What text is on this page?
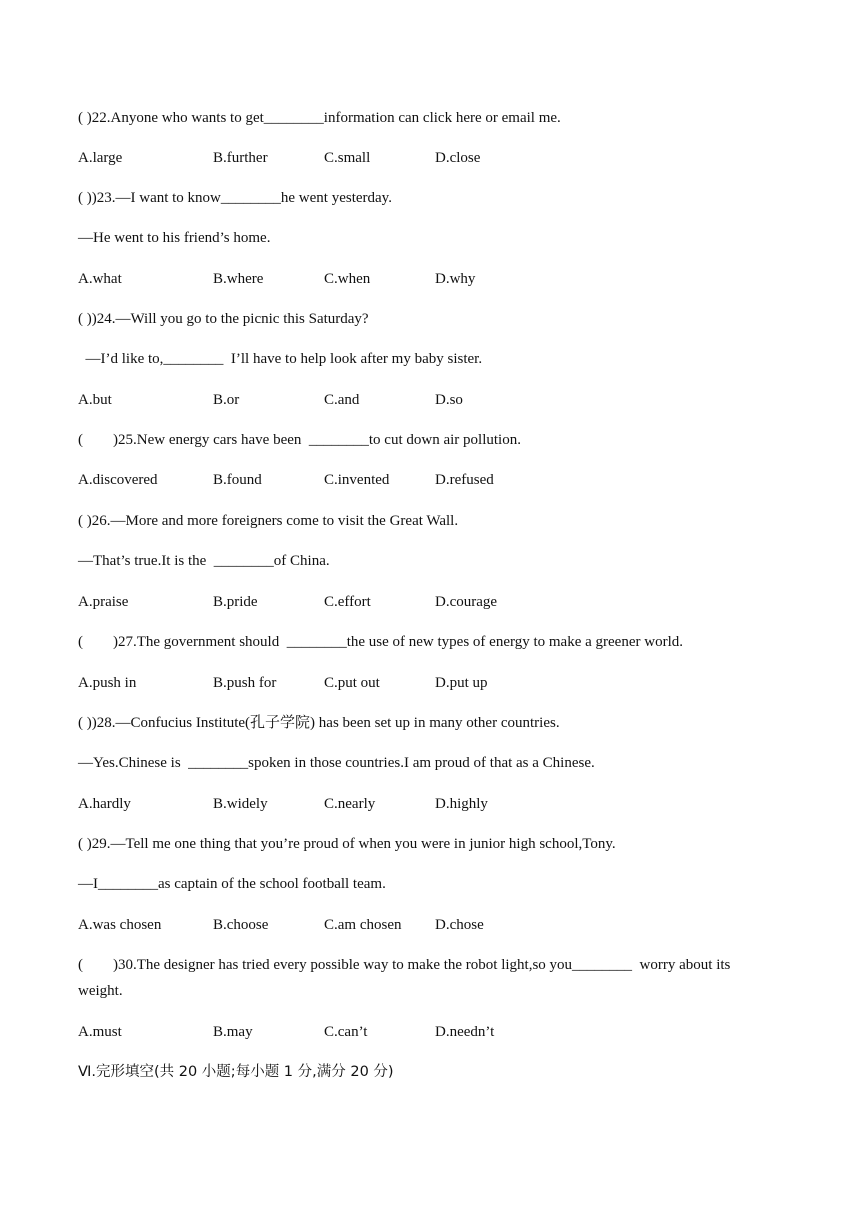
( )22.Anyone who wants to get________information can click here or email me.
A.large	B.further	C.small	D.close
( ))23.—I want to know________he went yesterday.
—He went to his friend’s home.
A.what	B.where	C.when	D.why
( ))24.—Will you go to the picnic this Saturday?
—I’d like to,________  I’ll have to help look after my baby sister.
A.but	B.or	C.and	D.so
(        )25.New energy cars have been  ________to cut down air pollution.
A.discovered	B.found	C.invented	D.refused
( )26.—More and more foreigners come to visit the Great Wall.
—That’s true.It is the  ________of China.
A.praise	B.pride	C.effort	D.courage
(        )27.The government should  ________the use of new types of energy to make a greener world.
A.push in	B.push for	C.put out	D.put up
( ))28.—Confucius Institute(孔子学院) has been set up in many other countries.
—Yes.Chinese is  ________spoken in those countries.I am proud of that as a Chinese.
A.hardly	B.widely	C.nearly	D.highly
( )29.—Tell me one thing that you’re proud of when you were in junior high school,Tony.
—I________as captain of the school football team.
A.was chosen	B.choose	C.am chosen D.chose
(        )30.The designer has tried every possible way to make the robot light,so you________  worry about its weight.
A.must	B.may	C.can’t	D.needn’t
Ⅵ.完形填空(共 20 小题;每小题 1 分,满分 20 分)
